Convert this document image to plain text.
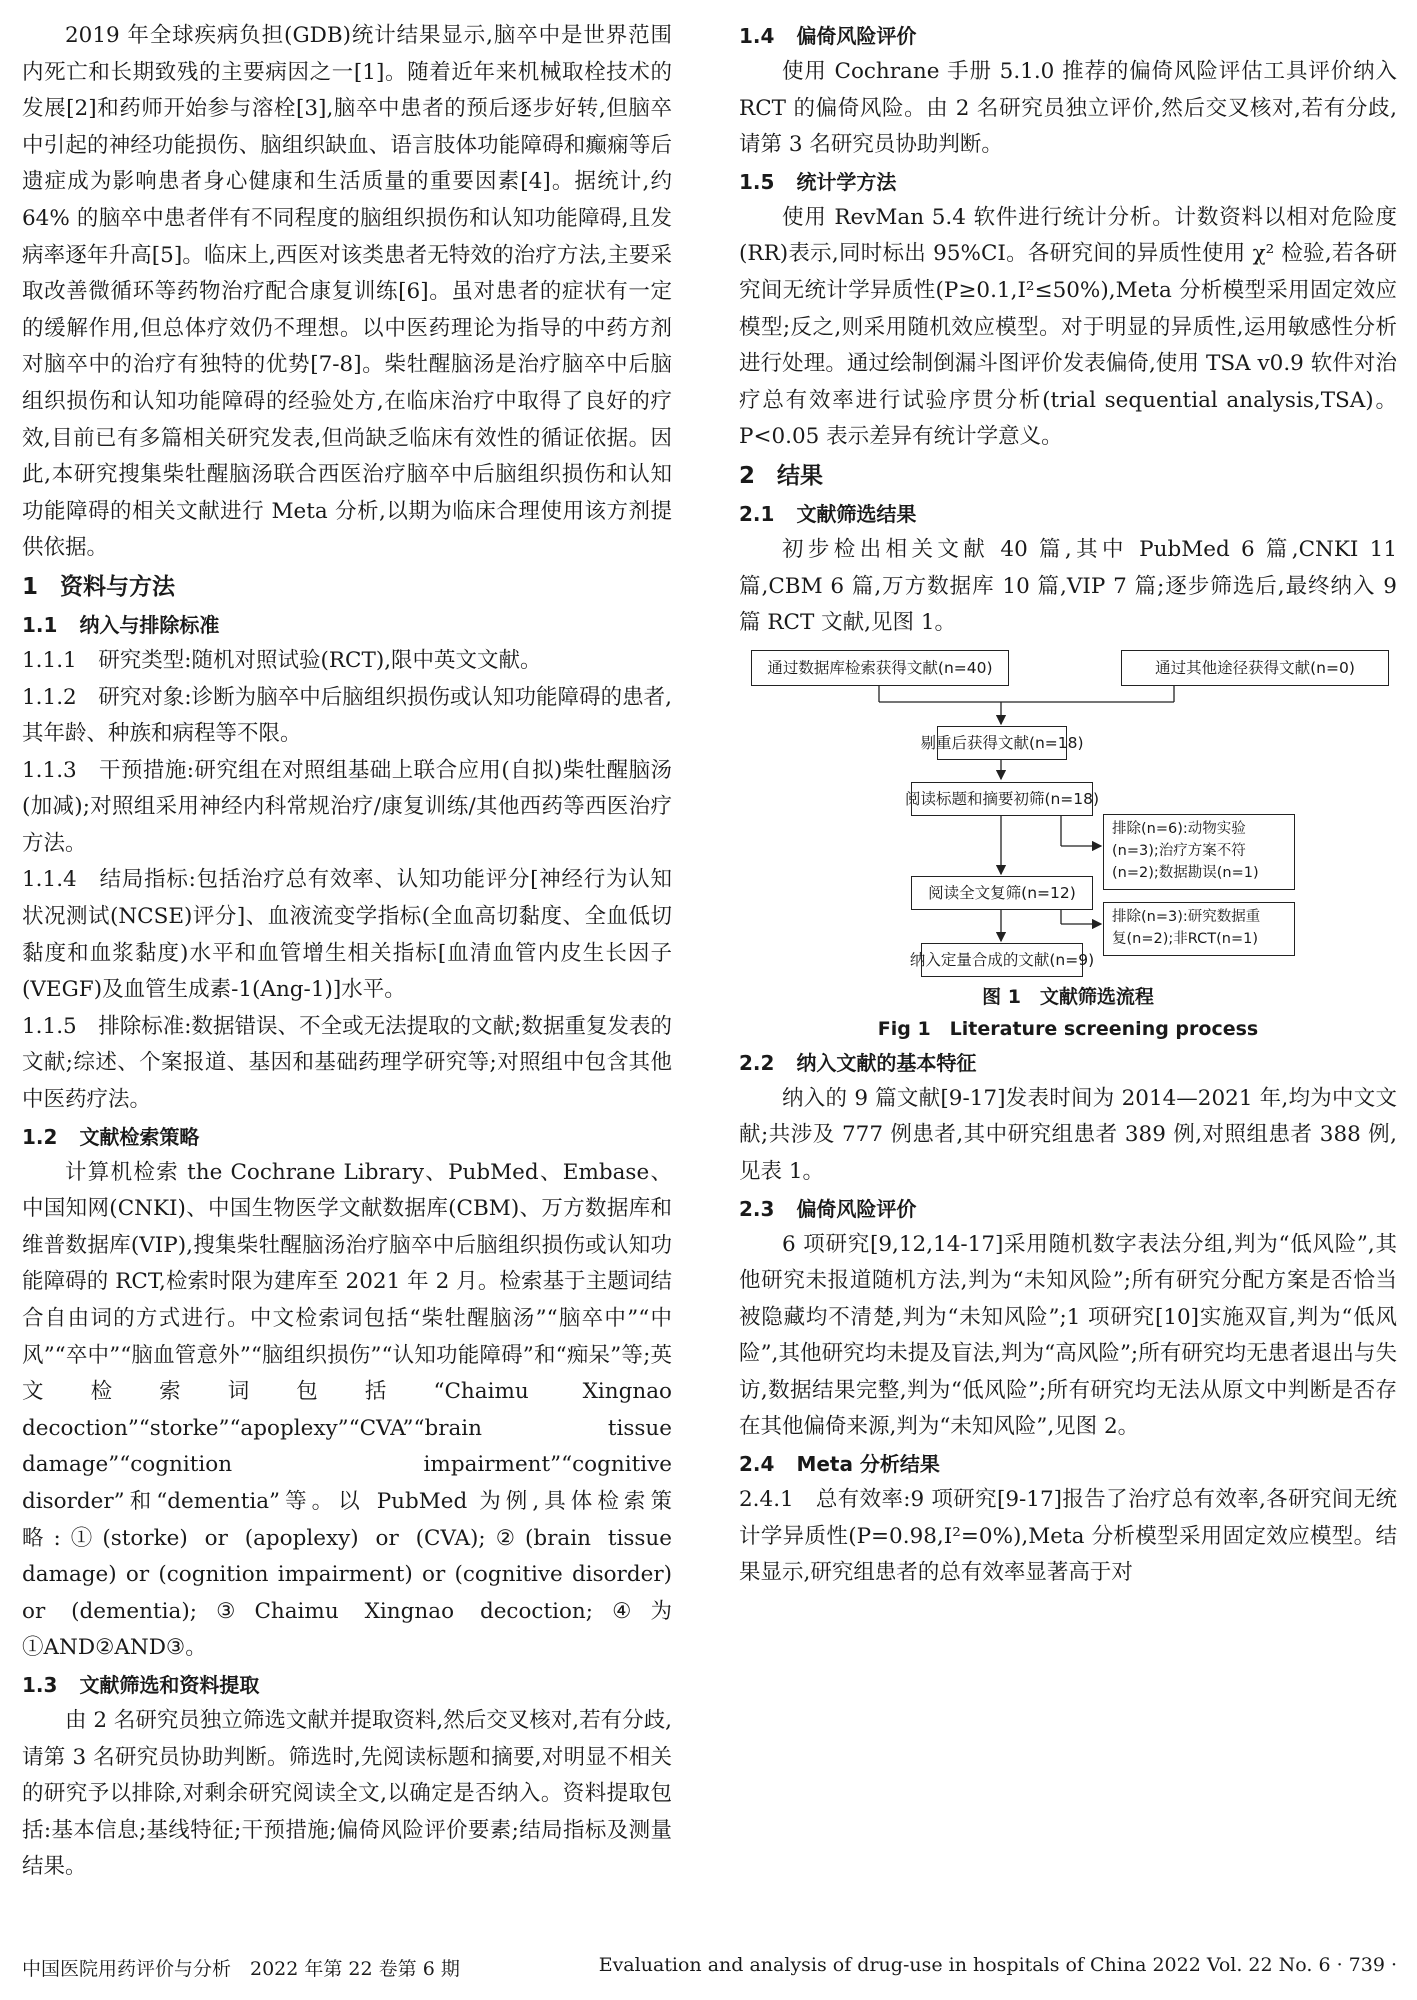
2019 年全球疾病负担(GDB)统计结果显示,脑卒中是世界范围内死亡和长期致残的主要病因之一[1]。随着近年来机械取栓技术的发展[2]和药师开始参与溶栓[3],脑卒中患者的预后逐步好转,但脑卒中引起的神经功能损伤、脑组织缺血、语言肢体功能障碍和癫痫等后遗症成为影响患者身心健康和生活质量的重要因素[4]。据统计,约 64% 的脑卒中患者伴有不同程度的脑组织损伤和认知功能障碍,且发病率逐年升高[5]。临床上,西医对该类患者无特效的治疗方法,主要采取改善微循环等药物治疗配合康复训练[6]。虽对患者的症状有一定的缓解作用,但总体疗效仍不理想。以中医药理论为指导的中药方剂对脑卒中的治疗有独特的优势[7-8]。柴牡醒脑汤是治疗脑卒中后脑组织损伤和认知功能障碍的经验处方,在临床治疗中取得了良好的疗效,目前已有多篇相关研究发表,但尚缺乏临床有效性的循证依据。因此,本研究搜集柴牡醒脑汤联合西医治疗脑卒中后脑组织损伤和认知功能障碍的相关文献进行 Meta 分析,以期为临床合理使用该方剂提供依据。

1 资料与方法
1.1 纳入与排除标准

1.1.1　研究类型:随机对照试验(RCT),限中英文文献。

1.1.2　研究对象:诊断为脑卒中后脑组织损伤或认知功能障碍的患者,其年龄、种族和病程等不限。

1.1.3　干预措施:研究组在对照组基础上联合应用(自拟)柴牡醒脑汤(加减);对照组采用神经内科常规治疗/康复训练/其他西药等西医治疗方法。

1.1.4　结局指标:包括治疗总有效率、认知功能评分[神经行为认知状况测试(NCSE)评分]、血液流变学指标(全血高切黏度、全血低切黏度和血浆黏度)水平和血管增生相关指标[血清血管内皮生长因子(VEGF)及血管生成素-1(Ang-1)]水平。

1.1.5　排除标准:数据错误、不全或无法提取的文献;数据重复发表的文献;综述、个案报道、基因和基础药理学研究等;对照组中包含其他中医药疗法。

1.2 文献检索策略

计算机检索 the Cochrane Library、PubMed、Embase、中国知网(CNKI)、中国生物医学文献数据库(CBM)、万方数据库和维普数据库(VIP),搜集柴牡醒脑汤治疗脑卒中后脑组织损伤或认知功能障碍的 RCT,检索时限为建库至 2021 年 2 月。检索基于主题词结合自由词的方式进行。中文检索词包括“柴牡醒脑汤”“脑卒中”“中风”“卒中”“脑血管意外”“脑组织损伤”“认知功能障碍”和“痴呆”等;英文检索词包括“Chaimu Xingnao decoction”“storke”“apoplexy”“CVA”“brain tissue damage”“cognition impairment”“cognitive disorder”和“dementia”等。以 PubMed 为例,具体检索策略:①(storke) or (apoplexy) or (CVA);②(brain tissue damage) or (cognition impairment) or (cognitive disorder) or (dementia);③Chaimu Xingnao decoction;④为①AND②AND③。

1.3 文献筛选和资料提取

由 2 名研究员独立筛选文献并提取资料,然后交叉核对,若有分歧,请第 3 名研究员协助判断。筛选时,先阅读标题和摘要,对明显不相关的研究予以排除,对剩余研究阅读全文,以确定是否纳入。资料提取包括:基本信息;基线特征;干预措施;偏倚风险评价要素;结局指标及测量结果。

1.4 偏倚风险评价

使用 Cochrane 手册 5.1.0 推荐的偏倚风险评估工具评价纳入 RCT 的偏倚风险。由 2 名研究员独立评价,然后交叉核对,若有分歧,请第 3 名研究员协助判断。

1.5 统计学方法

使用 RevMan 5.4 软件进行统计分析。计数资料以相对危险度(RR)表示,同时标出 95%CI。各研究间的异质性使用 χ² 检验,若各研究间无统计学异质性(P≥0.1,I²≤50%),Meta 分析模型采用固定效应模型;反之,则采用随机效应模型。对于明显的异质性,运用敏感性分析进行处理。通过绘制倒漏斗图评价发表偏倚,使用 TSA v0.9 软件对治疗总有效率进行试验序贯分析(trial sequential analysis,TSA)。P<0.05 表示差异有统计学意义。

2 结果
2.1 文献筛选结果

初步检出相关文献 40 篇,其中 PubMed 6 篇,CNKI 11 篇,CBM 6 篇,万方数据库 10 篇,VIP 7 篇;逐步筛选后,最终纳入 9 篇 RCT 文献,见图 1。

通过数据库检索获得文献(n=40)	通过其他途径获得文献(n=0)
剔重后获得文献(n=18)
阅读标题和摘要初筛(n=18)
排除(n=6):动物实验
(n=3);治疗方案不符
(n=2);数据勘误(n=1)
阅读全文复筛(n=12)
排除(n=3):研究数据重
复(n=2);非RCT(n=1)
纳入定量合成的文献(n=9)

图 1　文献筛选流程

Fig 1　Literature screening process

2.2 纳入文献的基本特征

纳入的 9 篇文献[9-17]发表时间为 2014—2021 年,均为中文文献;共涉及 777 例患者,其中研究组患者 389 例,对照组患者 388 例,见表 1。

2.3 偏倚风险评价

6 项研究[9,12,14-17]采用随机数字表法分组,判为“低风险”,其他研究未报道随机方法,判为“未知风险”;所有研究分配方案是否恰当被隐藏均不清楚,判为“未知风险”;1 项研究[10]实施双盲,判为“低风险”,其他研究均未提及盲法,判为“高风险”;所有研究均无患者退出与失访,数据结果完整,判为“低风险”;所有研究均无法从原文中判断是否存在其他偏倚来源,判为“未知风险”,见图 2。

2.4 Meta 分析结果

2.4.1　总有效率:9 项研究[9-17]报告了治疗总有效率,各研究间无统计学异质性(P=0.98,I²=0%),Meta 分析模型采用固定效应模型。结果显示,研究组患者的总有效率显著高于对

中国医院用药评价与分析　2022 年第 22 卷第 6 期	Evaluation and analysis of drug-use in hospitals of China 2022 Vol. 22 No. 6 · 739 ·
